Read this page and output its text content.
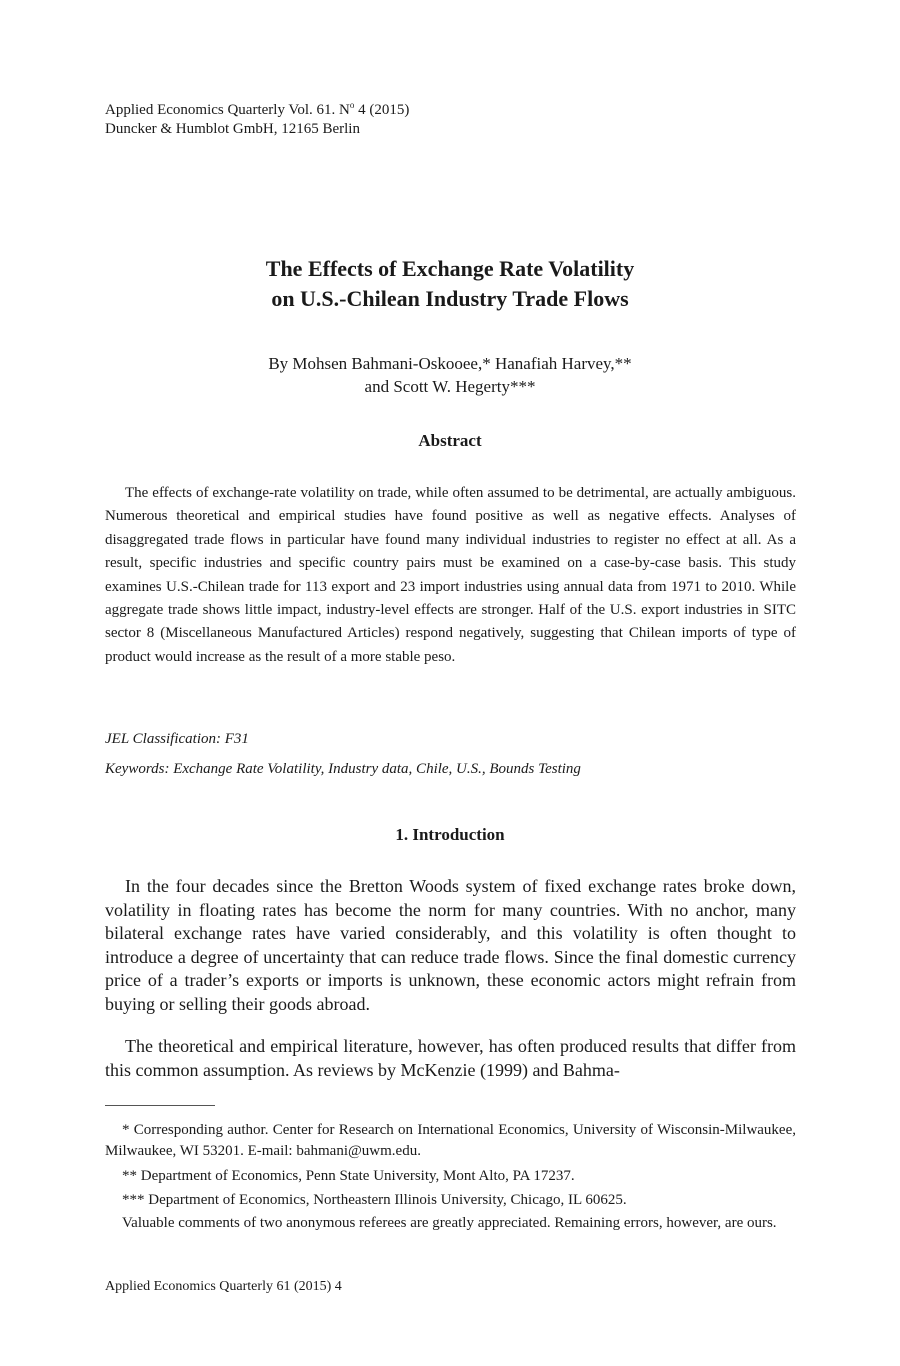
Applied Economics Quarterly Vol. 61. $N^o$ 4 (2015)
Duncker & Humblot GmbH, 12165 Berlin
The Effects of Exchange Rate Volatility
on U.S.-Chilean Industry Trade Flows
By Mohsen Bahmani-Oskooee,* Hanafiah Harvey,**
and Scott W. Hegerty***
Abstract

The effects of exchange-rate volatility on trade, while often assumed to be detrimental, are actually ambiguous. Numerous theoretical and empirical studies have found positive as well as negative effects. Analyses of disaggregated trade flows in particular have found many individual industries to register no effect at all. As a result, specific industries and specific country pairs must be examined on a case-by-case basis. This study examines U.S.-Chilean trade for 113 export and 23 import industries using annual data from 1971 to 2010. While aggregate trade shows little impact, industry-level effects are stronger. Half of the U.S. export industries in SITC sector 8 (Miscellaneous Manufactured Articles) respond negatively, suggesting that Chilean imports of type of product would increase as the result of a more stable peso.

JEL Classification: F31
Keywords: Exchange Rate Volatility, Industry data, Chile, U.S., Bounds Testing
1. Introduction

In the four decades since the Bretton Woods system of fixed exchange rates broke down, volatility in floating rates has become the norm for many countries. With no anchor, many bilateral exchange rates have varied considerably, and this volatility is often thought to introduce a degree of uncertainty that can reduce trade flows. Since the final domestic currency price of a trader’s exports or imports is unknown, these economic actors might refrain from buying or selling their goods abroad.

The theoretical and empirical literature, however, has often produced results that differ from this common assumption. As reviews by McKenzie (1999) and Bahma-

* Corresponding author. Center for Research on International Economics, University of Wisconsin-Milwaukee, Milwaukee, WI 53201. E-mail: bahmani@uwm.edu.

** Department of Economics, Penn State University, Mont Alto, PA 17237.

*** Department of Economics, Northeastern Illinois University, Chicago, IL 60625.

Valuable comments of two anonymous referees are greatly appreciated. Remaining errors, however, are ours.

Applied Economics Quarterly 61 (2015) 4
